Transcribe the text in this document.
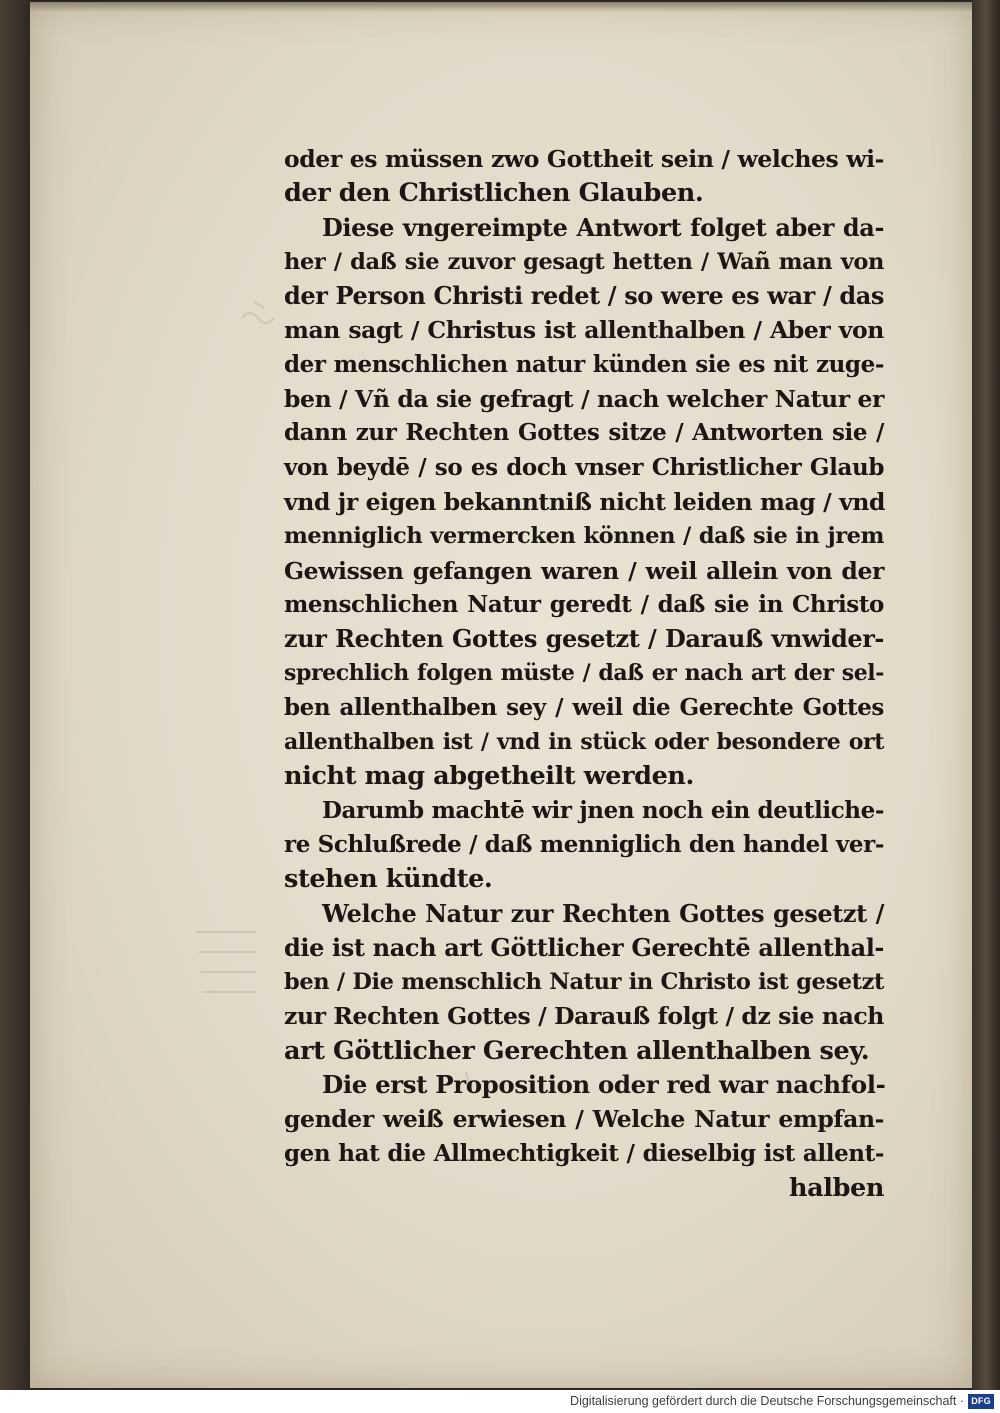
oder es müssen zwo Gottheit sein / welches wi-
der den Christlichen Glauben.
Diese vngereimpte Antwort folget aber da-
her / daß sie zuvor gesagt hetten / Wañ man von
der Person Christi redet / so were es war / das
man sagt / Christus ist allenthalben / Aber von
der menschlichen natur künden sie es nit zuge-
ben / Vñ da sie gefragt / nach welcher Natur er
dann zur Rechten Gottes sitze / Antworten sie /
von beydē / so es doch vnser Christlicher Glaub
vnd jr eigen bekanntniß nicht leiden mag / vnd
menniglich vermercken können / daß sie in jrem
Gewissen gefangen waren / weil allein von der
menschlichen Natur geredt / daß sie in Christo
zur Rechten Gottes gesetzt / Darauß vnwider-
sprechlich folgen müste / daß er nach art der sel-
ben allenthalben sey / weil die Gerechte Gottes
allenthalben ist / vnd in stück oder besondere ort
nicht mag abgetheilt werden.
Darumb machtē wir jnen noch ein deutliche-
re Schlußrede / daß menniglich den handel ver-
stehen kündte.
Welche Natur zur Rechten Gottes gesetzt /
die ist nach art Göttlicher Gerechtē allenthal-
ben / Die menschlich Natur in Christo ist gesetzt
zur Rechten Gottes / Darauß folgt / dz sie nach
art Göttlicher Gerechten allenthalben sey.
Die erst Proposition oder red war nachfol-
gender weiß erwiesen / Welche Natur empfan-
gen hat die Allmechtigkeit / dieselbig ist allent-
halben
Digitalisierung gefördert durch die Deutsche Forschungsgemeinschaft · DFG
